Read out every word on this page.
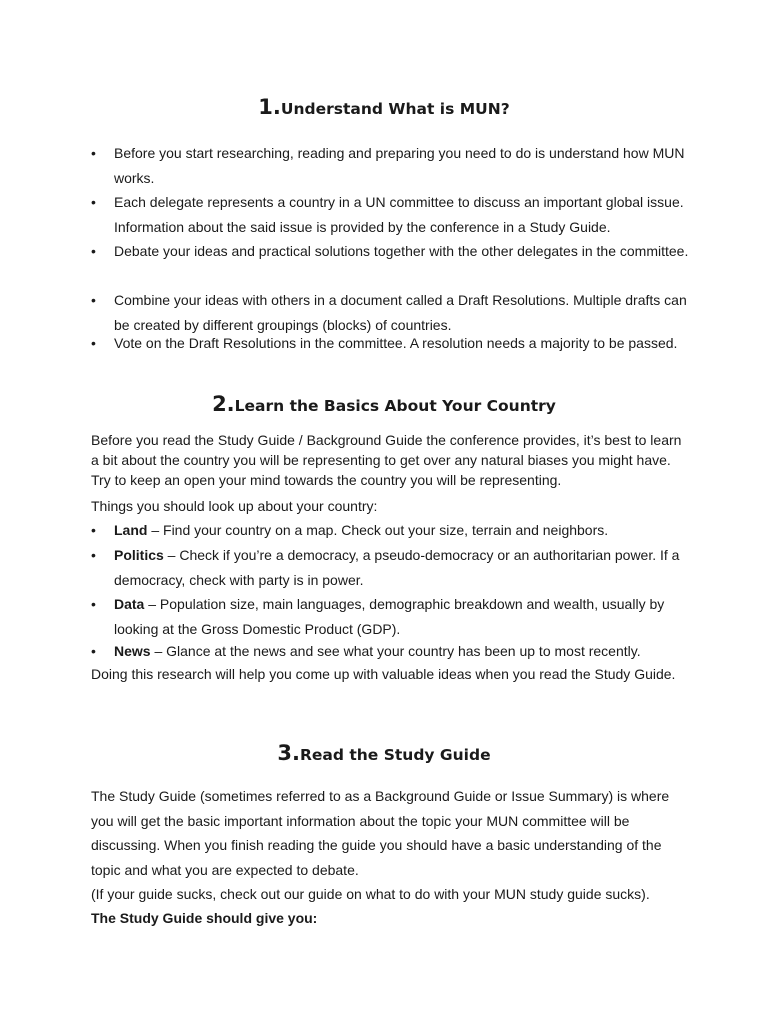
1.Understand What is MUN?
• Before you start researching, reading and preparing you need to do is understand how MUN works.
• Each delegate represents a country in a UN committee to discuss an important global issue. Information about the said issue is provided by the conference in a Study Guide.
• Debate your ideas and practical solutions together with the other delegates in the committee.
• Combine your ideas with others in a document called a Draft Resolutions. Multiple drafts can be created by different groupings (blocks) of countries.
• Vote on the Draft Resolutions in the committee. A resolution needs a majority to be passed.
2.Learn the Basics About Your Country
Before you read the Study Guide / Background Guide the conference provides, it’s best to learn a bit about the country you will be representing to get over any natural biases you might have. Try to keep an open your mind towards the country you will be representing.
Things you should look up about your country:
• Land – Find your country on a map. Check out your size, terrain and neighbors.
• Politics – Check if you’re a democracy, a pseudo-democracy or an authoritarian power. If a democracy, check with party is in power.
• Data – Population size, main languages, demographic breakdown and wealth, usually by looking at the Gross Domestic Product (GDP).
• News – Glance at the news and see what your country has been up to most recently.
Doing this research will help you come up with valuable ideas when you read the Study Guide.
3.Read the Study Guide
The Study Guide (sometimes referred to as a Background Guide or Issue Summary) is where you will get the basic important information about the topic your MUN committee will be discussing. When you finish reading the guide you should have a basic understanding of the topic and what you are expected to debate.
(If your guide sucks, check out our guide on what to do with your MUN study guide sucks).
The Study Guide should give you:
